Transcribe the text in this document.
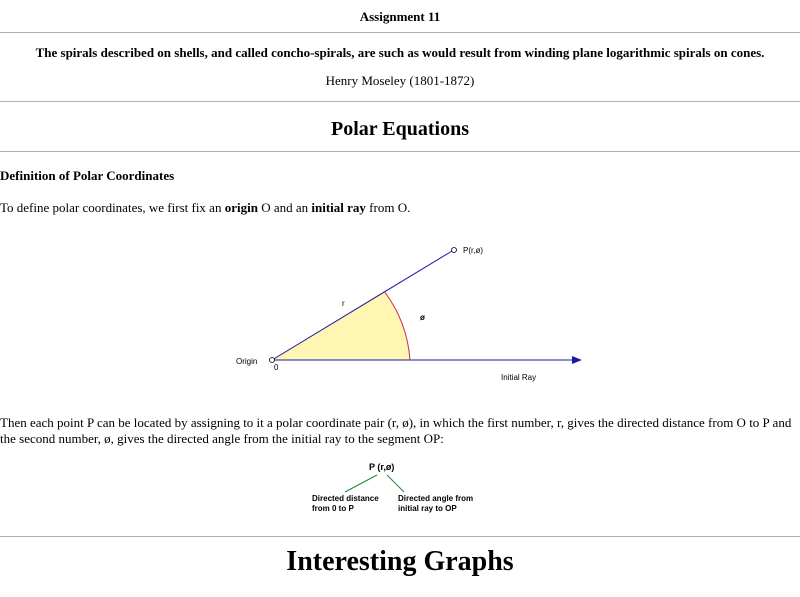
Assignment 11
The spirals described on shells, and called concho-spirals, are such as would result from winding plane logarithmic spirals on cones.
Henry Moseley (1801-1872)
Polar Equations
Definition of Polar Coordinates
To define polar coordinates, we first fix an origin O and an initial ray from O.
P(r,ø)
r
ø
Origin
0
Initial Ray
Then each point P can be located by assigning to it a polar coordinate pair (r, ø), in which the first number, r, gives the directed distance from O to P and the second number, ø, gives the directed angle from the initial ray to the segment OP:
P (r,ø)
Directed distance
from 0 to P
Directed angle from
initial ray to OP
Interesting Graphs
